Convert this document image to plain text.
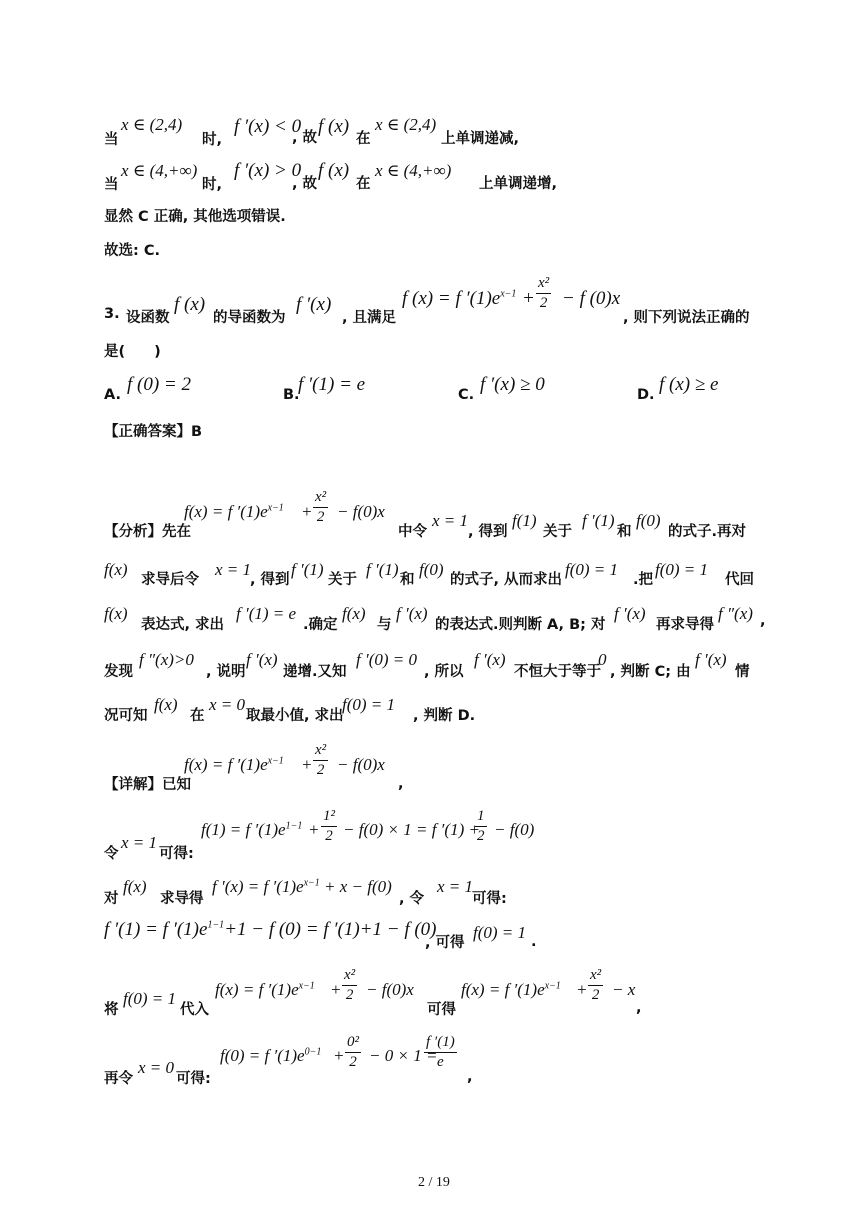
当
x ∈ (2,4)
时,
f ′(x) < 0
, 故
f (x)
在
x ∈ (2,4)
上单调递减,
当
x ∈ (4,+∞)
时,
f ′(x) > 0
, 故
f (x)
在
x ∈ (4,+∞)
上单调递增,
显然 C 正确, 其他选项错误.
故选: C.
3. 设函数
f (x)
的导函数为
f ′(x)
, 且满足
f (x) = f $'(1)e^{x-1} + \frac{\text{x²}}{2} - f$ (0)x
, 则下列说法正确的
是(　　)
A. f (0) = 2	B.
f ′(1) = e	C. f ′(x) ≥ 0	D. f (x) ≥ e
【正确答案】B
【分析】先在
f(x) = f $'(1)e^{x-1} + \frac{\text{x²}}{2} - f(0)x$
中令
x = 1
, 得到
f(1)
关于
f ′(1)
和
f(0)
的式子.再对
f(x)
求导后令
x = 1
, 得到
f ′(1)
关于
f ′(1)
和
f(0)
的式子, 从而求出
f(0) = 1
.把
f(0) = 1
代回
f(x)
表达式, 求出
f ′(1) = e
.确定
f(x)
与
f ′(x)
的表达式.则判断 A, B; 对
f ′(x)
再求导得
f ″(x) ,
发现
f ″(x)>0
, 说明
f ′(x)
递增.又知
f ′(0) = 0
, 所以
f ′(x)
不恒大于等于
0
, 判断 C; 由
f ′(x)
情
况可知
f(x)
在
x = 0
取最小值, 求出
f(0) = 1
, 判断 D.
【详解】已知
f(x) = f $'(1)e^{x-1} + \frac{\text{x²}}{2} - f(0)x$
,
令
x = 1
可得:
f(1) = f $'(1)e^{1-1} + \frac{\text{1²}}{2} - f(0) \times 1 = f$ ′(1) +
$\frac{1}{2} - f(0)$
对
f(x)
求导得
f ′(x) = f $'(1)e^{x-1} + x - f(0)$
, 令
x = 1
可得:
f ′(1) = f $'(1)e^{1-1}+1 - f$ (0) = f ′(1)+1 − f (0)
, 可得
f(0) = 1 .
将
f(0) = 1
代入
f(x) = f $'(1)e^{x-1} + \frac{\text{x²}}{2} - f(0)x$
可得
f(x) = f $'(1)e^{x-1} + \frac{\text{x²}}{2} - x$
,
再令
x = 0
可得:
f(0) = f $'(1)e^{0-1} + \frac{\text{0²}}{2} - 0 \times 1$ =
$\frac{f '(1)}{e}$
,
2 / 19
